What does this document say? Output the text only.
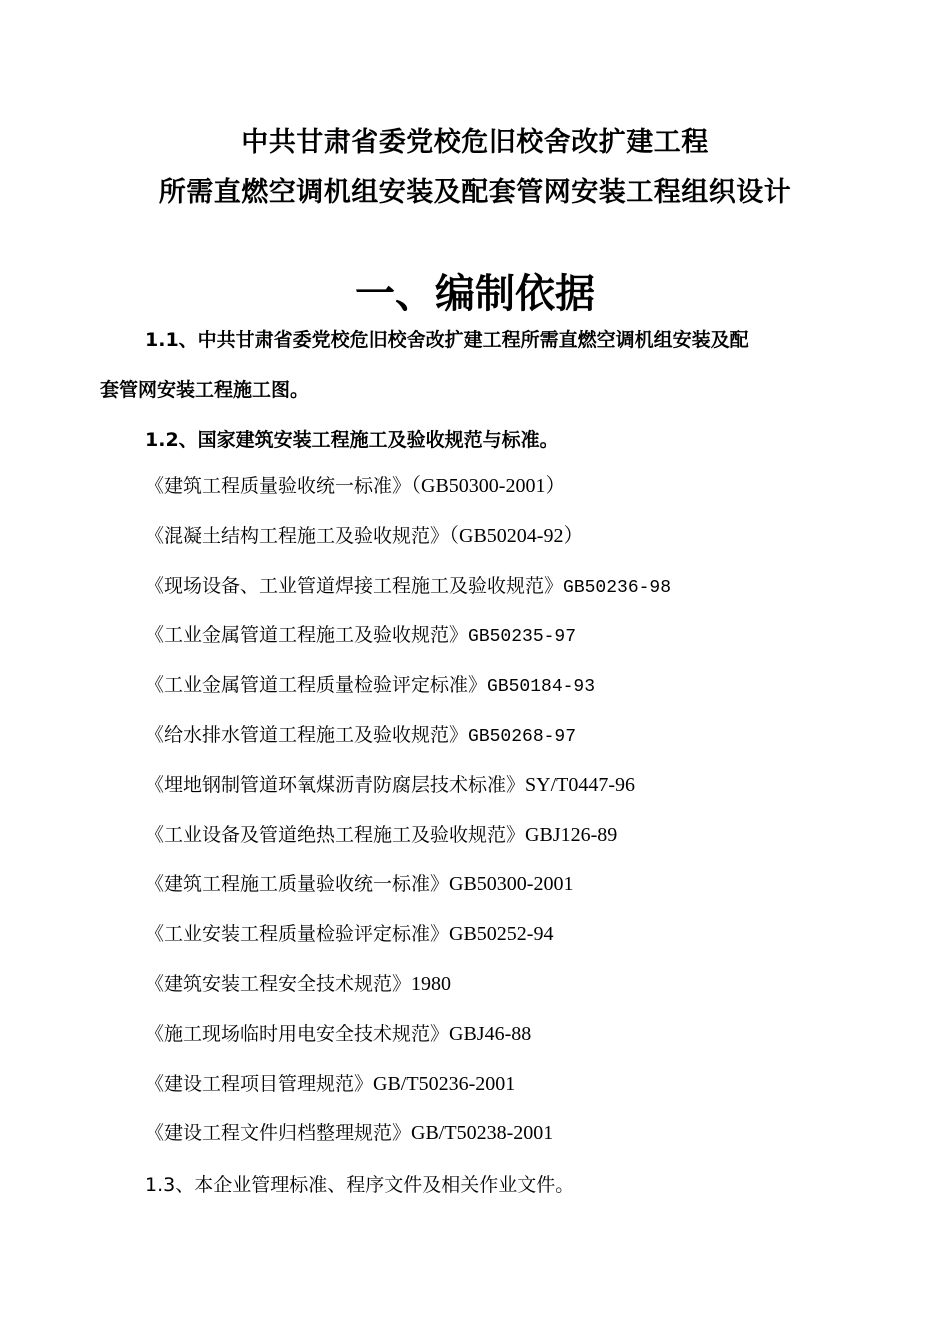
中共甘肃省委党校危旧校舍改扩建工程
所需直燃空调机组安装及配套管网安装工程组织设计
一、编制依据
1.1、中共甘肃省委党校危旧校舍改扩建工程所需直燃空调机组安装及配
套管网安装工程施工图。
1.2、国家建筑安装工程施工及验收规范与标准。
《建筑工程质量验收统一标准》（GB50300-2001）
《混凝土结构工程施工及验收规范》（GB50204-92）
《现场设备、工业管道焊接工程施工及验收规范》GB50236-98
《工业金属管道工程施工及验收规范》GB50235-97
《工业金属管道工程质量检验评定标准》GB50184-93
《给水排水管道工程施工及验收规范》GB50268-97
《埋地钢制管道环氧煤沥青防腐层技术标准》SY/T0447-96
《工业设备及管道绝热工程施工及验收规范》GBJ126-89
《建筑工程施工质量验收统一标准》GB50300-2001
《工业安装工程质量检验评定标准》GB50252-94
《建筑安装工程安全技术规范》1980
《施工现场临时用电安全技术规范》GBJ46-88
《建设工程项目管理规范》GB/T50236-2001
《建设工程文件归档整理规范》GB/T50238-2001
1.3、本企业管理标准、程序文件及相关作业文件。
